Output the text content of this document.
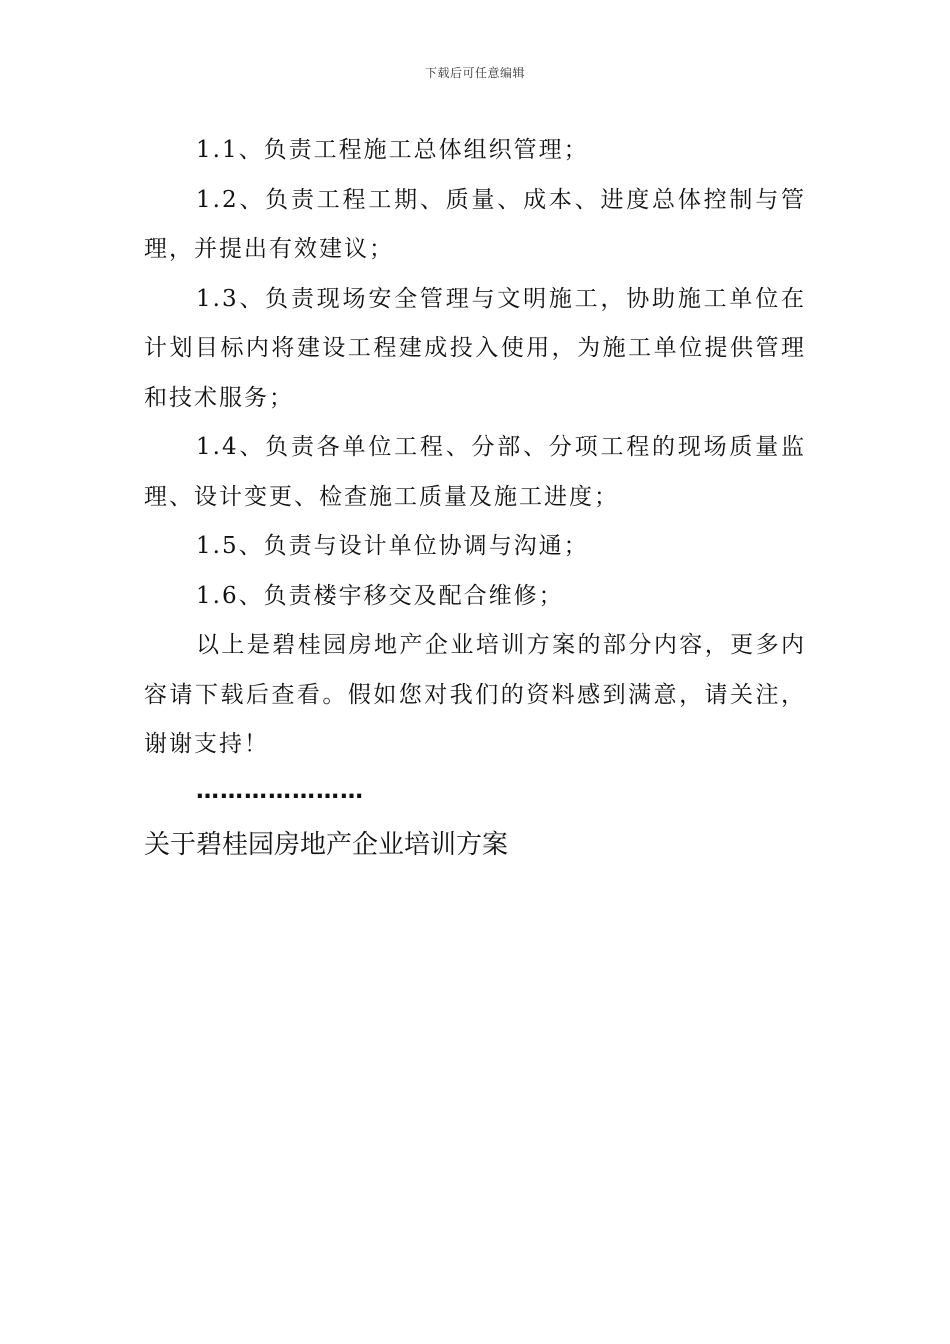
下载后可任意编辑

1.1、负责工程施工总体组织管理；

1.2、负责工程工期、质量、成本、进度总体控制与管理，并提出有效建议；

1.3、负责现场安全管理与文明施工，协助施工单位在计划目标内将建设工程建成投入使用，为施工单位提供管理和技术服务；

1.4、负责各单位工程、分部、分项工程的现场质量监理、设计变更、检查施工质量及施工进度；

1.5、负责与设计单位协调与沟通；

1.6、负责楼宇移交及配合维修；

以上是碧桂园房地产企业培训方案的部分内容，更多内容请下载后查看。假如您对我们的资料感到满意，请关注，谢谢支持！

…………………
关于碧桂园房地产企业培训方案
